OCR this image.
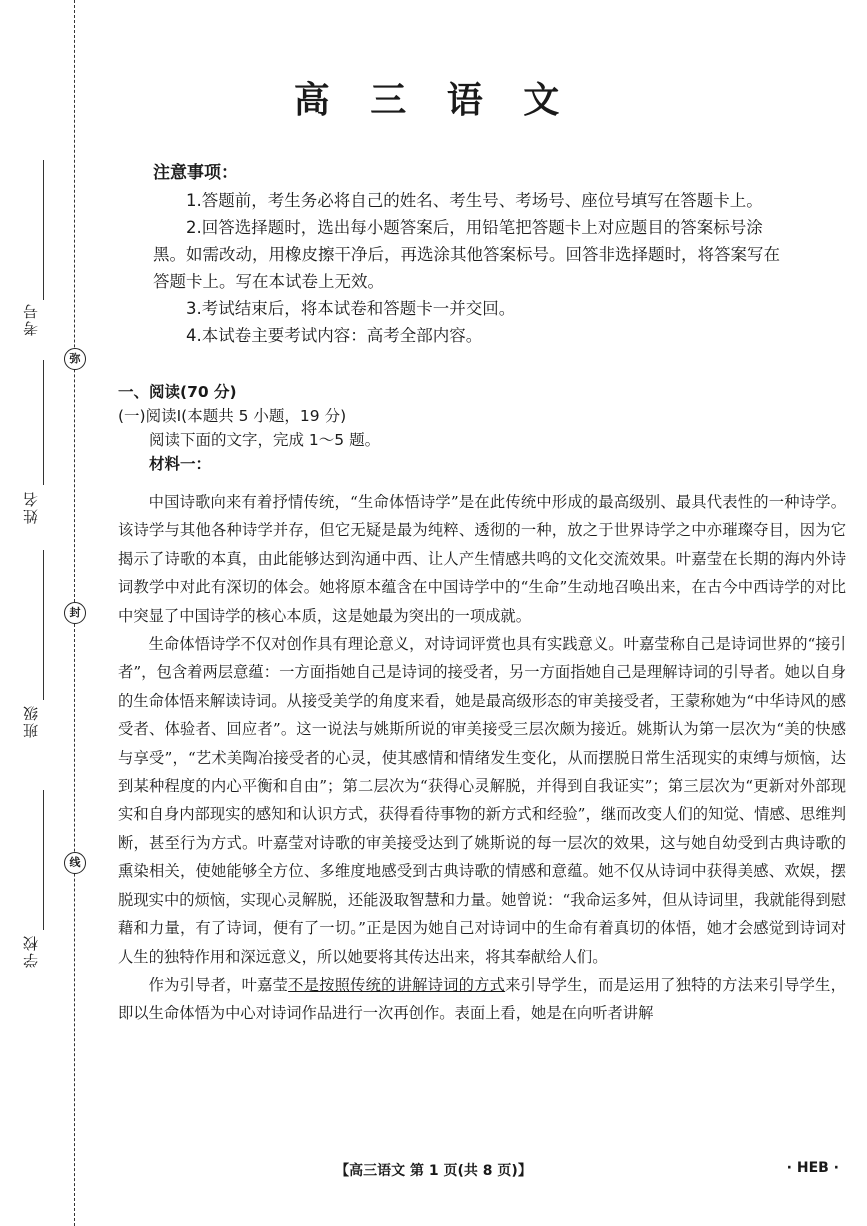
考号
弥
姓名
封
班级
线
学校
高 三 语 文
注意事项：

1.答题前，考生务必将自己的姓名、考生号、考场号、座位号填写在答题卡上。

2.回答选择题时，选出每小题答案后，用铅笔把答题卡上对应题目的答案标号涂

黑。如需改动，用橡皮擦干净后，再选涂其他答案标号。回答非选择题时，将答案写在

答题卡上。写在本试卷上无效。

3.考试结束后，将本试卷和答题卡一并交回。

4.本试卷主要考试内容：高考全部内容。

一、阅读(70 分)
(一)阅读Ⅰ(本题共 5 小题，19 分)
阅读下面的文字，完成 1～5 题。
材料一：

中国诗歌向来有着抒情传统，“生命体悟诗学”是在此传统中形成的最高级别、最具代表性的一种诗学。该诗学与其他各种诗学并存，但它无疑是最为纯粹、透彻的一种，放之于世界诗学之中亦璀璨夺目，因为它揭示了诗歌的本真，由此能够达到沟通中西、让人产生情感共鸣的文化交流效果。叶嘉莹在长期的海内外诗词教学中对此有深切的体会。她将原本蕴含在中国诗学中的“生命”生动地召唤出来，在古今中西诗学的对比中突显了中国诗学的核心本质，这是她最为突出的一项成就。

生命体悟诗学不仅对创作具有理论意义，对诗词评赏也具有实践意义。叶嘉莹称自己是诗词世界的“接引者”，包含着两层意蕴：一方面指她自己是诗词的接受者，另一方面指她自己是理解诗词的引导者。她以自身的生命体悟来解读诗词。从接受美学的角度来看，她是最高级形态的审美接受者，王蒙称她为“中华诗风的感受者、体验者、回应者”。这一说法与姚斯所说的审美接受三层次颇为接近。姚斯认为第一层次为“美的快感与享受”，“艺术美陶冶接受者的心灵，使其感情和情绪发生变化，从而摆脱日常生活现实的束缚与烦恼，达到某种程度的内心平衡和自由”；第二层次为“获得心灵解脱，并得到自我证实”；第三层次为“更新对外部现实和自身内部现实的感知和认识方式，获得看待事物的新方式和经验”，继而改变人们的知觉、情感、思维判断，甚至行为方式。叶嘉莹对诗歌的审美接受达到了姚斯说的每一层次的效果，这与她自幼受到古典诗歌的熏染相关，使她能够全方位、多维度地感受到古典诗歌的情感和意蕴。她不仅从诗词中获得美感、欢娱，摆脱现实中的烦恼，实现心灵解脱，还能汲取智慧和力量。她曾说：“我命运多舛，但从诗词里，我就能得到慰藉和力量，有了诗词，便有了一切。”正是因为她自己对诗词中的生命有着真切的体悟，她才会感觉到诗词对人生的独特作用和深远意义，所以她要将其传达出来，将其奉献给人们。

作为引导者，叶嘉莹不是按照传统的讲解诗词的方式来引导学生，而是运用了独特的方法来引导学生，即以生命体悟为中心对诗词作品进行一次再创作。表面上看，她是在向听者讲解

【高三语文 第 1 页(共 8 页)】	· HEB ·
